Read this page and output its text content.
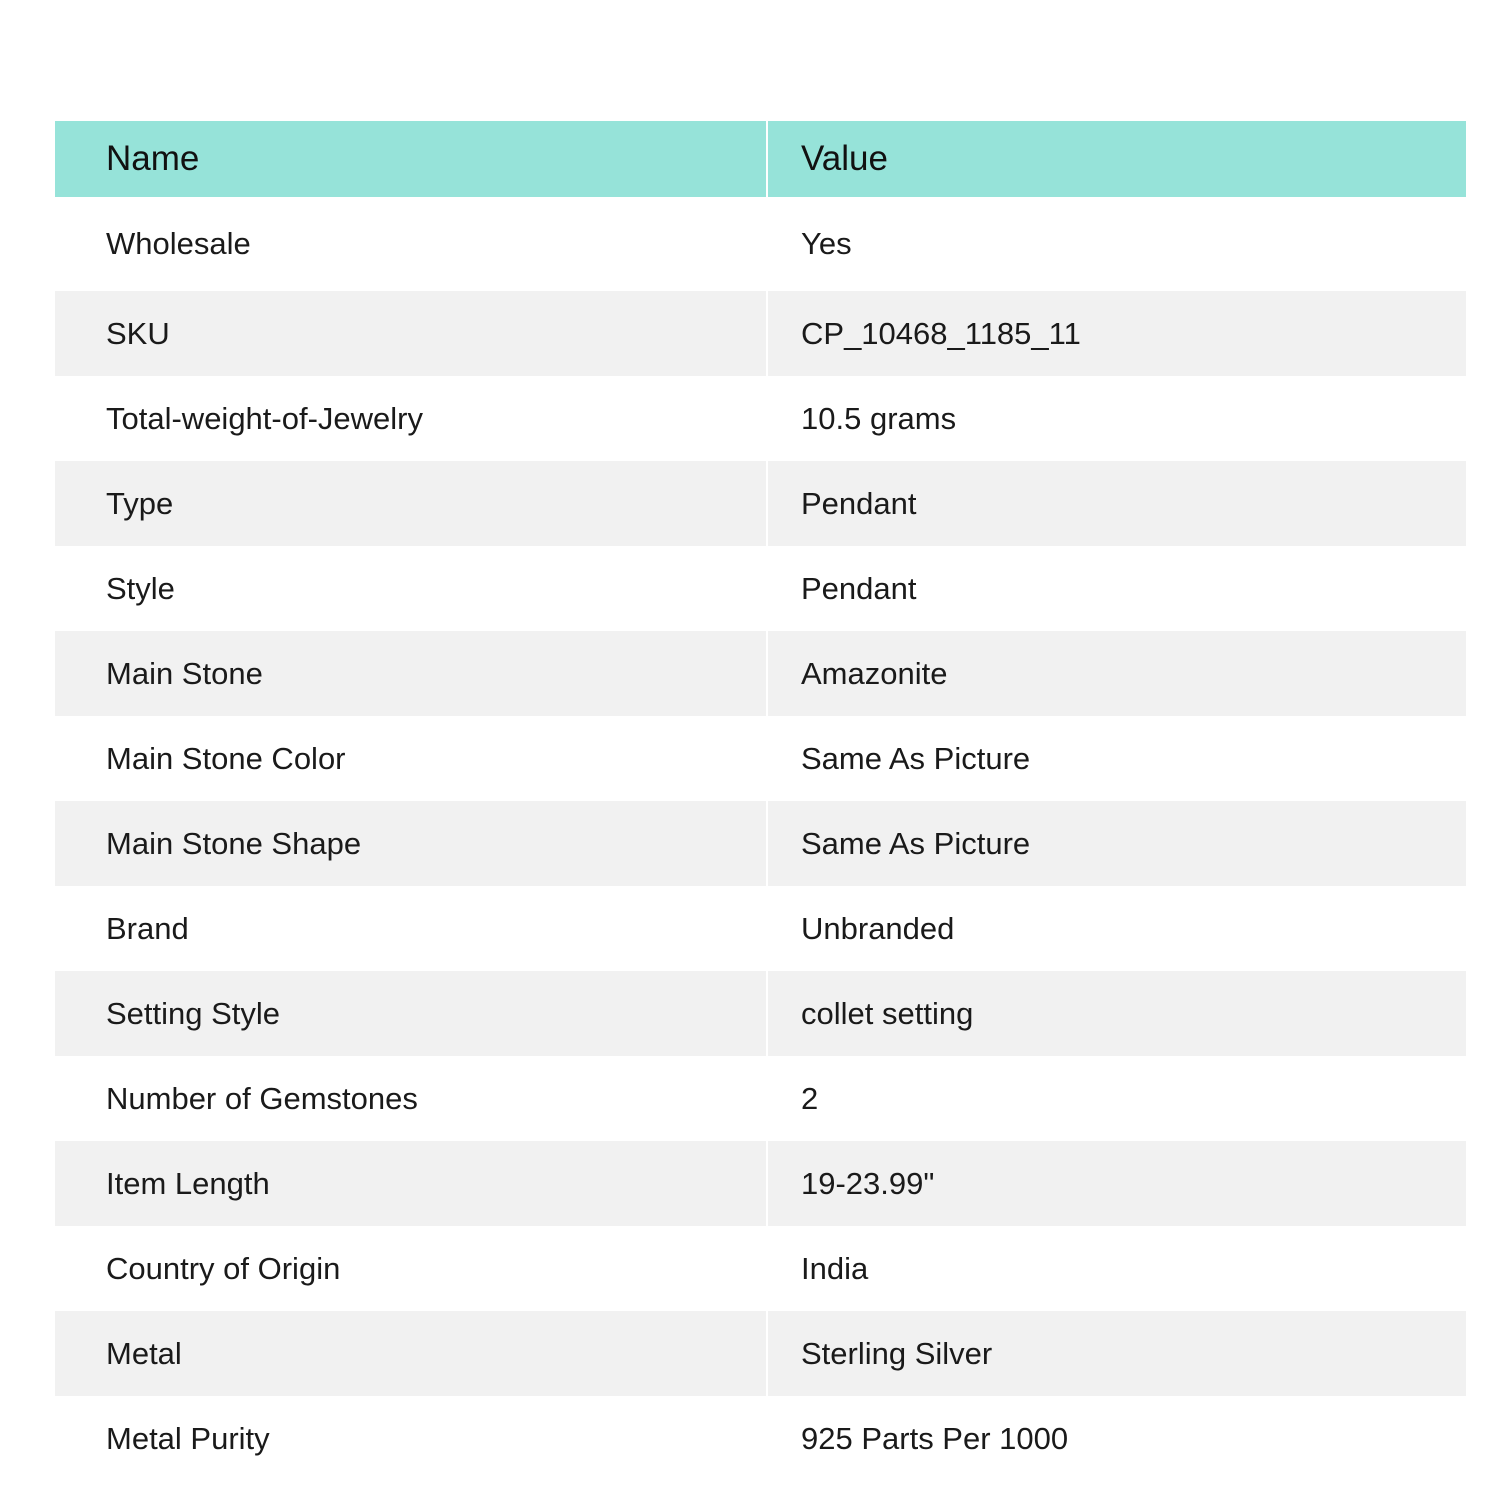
Name	Value
Wholesale	Yes
SKU	CP_10468_1185_11
Total-weight-of-Jewelry	10.5 grams
Type	Pendant
Style	Pendant
Main Stone	Amazonite
Main Stone Color	Same As Picture
Main Stone Shape	Same As Picture
Brand	Unbranded
Setting Style	collet setting
Number of Gemstones	2
Item Length	19-23.99"
Country of Origin	India
Metal	Sterling Silver
Metal Purity	925 Parts Per 1000
